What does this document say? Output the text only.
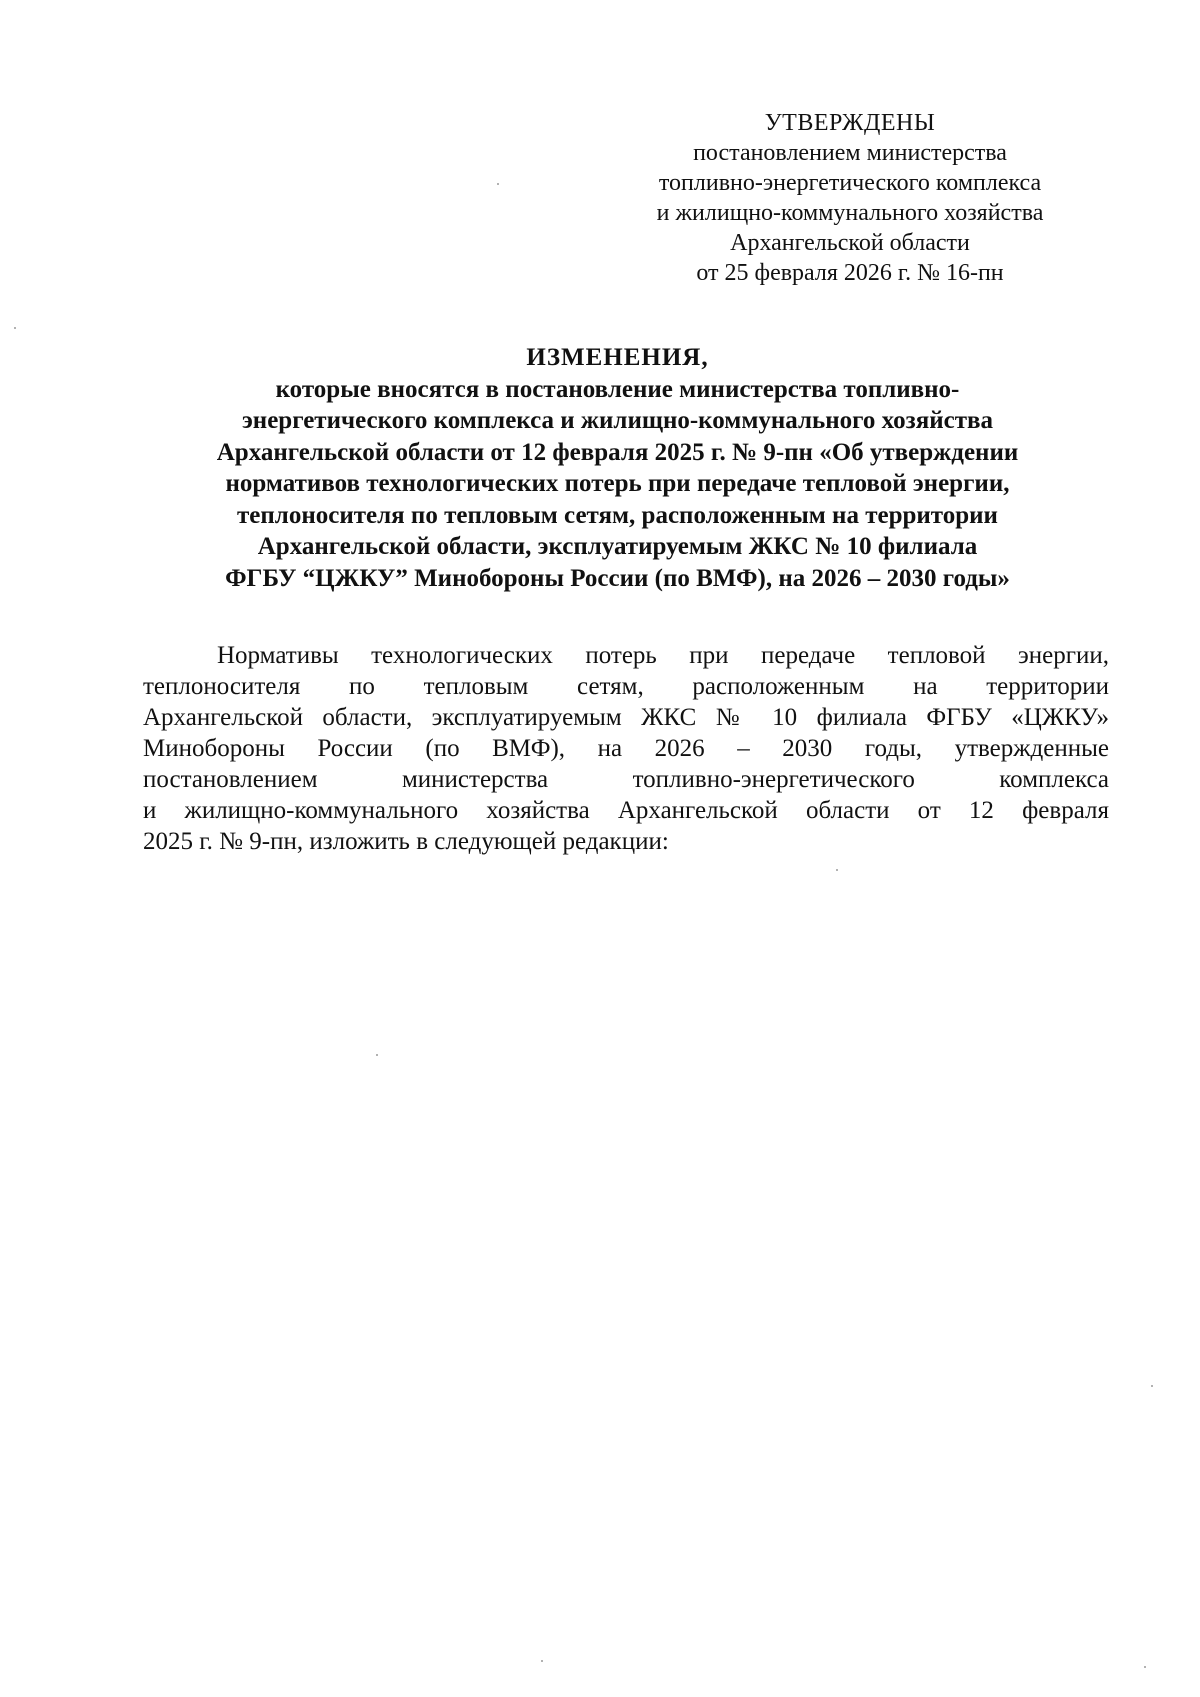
УТВЕРЖДЕНЫ

постановлением министерства

топливно-энергетического комплекса

и жилищно-коммунального хозяйства

Архангельской области

от 25 февраля 2026 г. № 16-пн

ИЗМЕНЕНИЯ,

которые вносятся в постановление министерства топливно-

энергетического комплекса и жилищно-коммунального хозяйства

Архангельской области от 12 февраля 2025 г. № 9-пн «Об утверждении

нормативов технологических потерь при передаче тепловой энергии,

теплоносителя по тепловым сетям, расположенным на территории

Архангельской области, эксплуатируемым ЖКС № 10 филиала

ФГБУ “ЦЖКУ” Минобороны России (по ВМФ), на 2026 – 2030 годы»

Нормативы технологических потерь при передаче тепловой энергии,

теплоносителя по тепловым сетям, расположенным на территории

Архангельской области, эксплуатируемым ЖКС № 10 филиала ФГБУ «ЦЖКУ»

Минобороны России (по ВМФ), на 2026 – 2030 годы, утвержденные

постановлением министерства топливно-энергетического комплекса

и жилищно-коммунального хозяйства Архангельской области от 12 февраля

2025 г. № 9-пн, изложить в следующей редакции:
